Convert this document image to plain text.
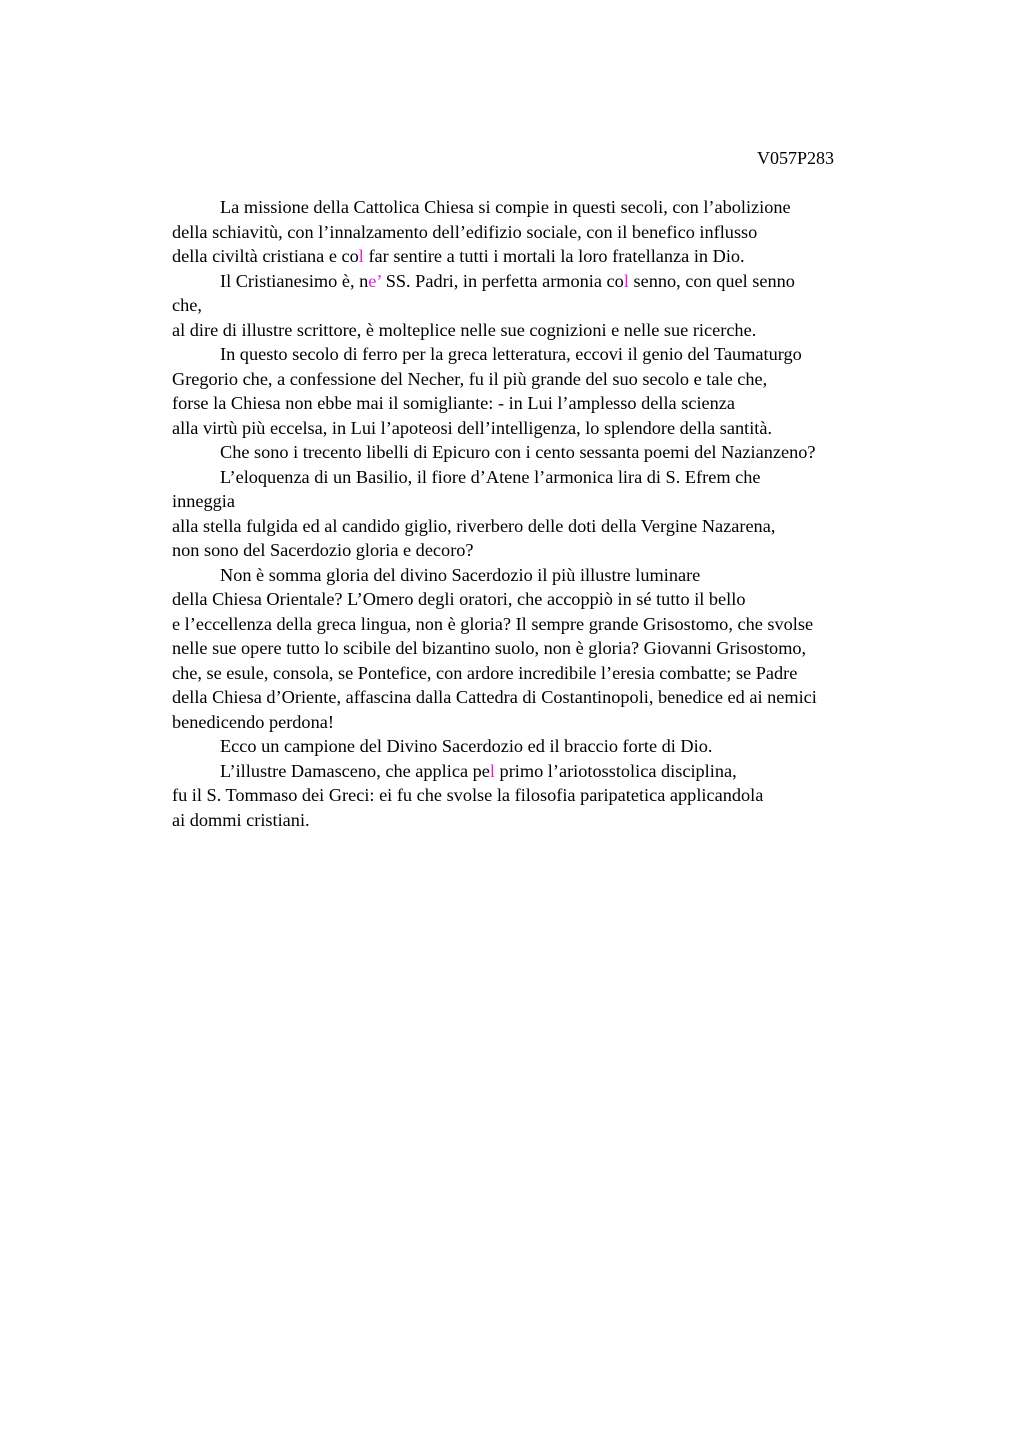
V057P283
La missione della Cattolica Chiesa si compie in questi secoli, con l’abolizione
della schiavitù, con l’innalzamento dell’edifizio sociale, con il benefico influsso
della civiltà cristiana e col far sentire a tutti i mortali la loro fratellanza in Dio.
Il Cristianesimo è, ne’ SS. Padri, in perfetta armonia col senno, con quel senno
che,
al dire di illustre scrittore, è molteplice nelle sue cognizioni e nelle sue ricerche.
In questo secolo di ferro per la greca letteratura, eccovi il genio del Taumaturgo
Gregorio che, a confessione del Necher, fu il più grande del suo secolo e tale che,
forse la Chiesa non ebbe mai il somigliante: - in Lui l’amplesso della scienza
alla virtù più eccelsa, in Lui l’apoteosi dell’intelligenza, lo splendore della santità.
Che sono i trecento libelli di Epicuro con i cento sessanta poemi del Nazianzeno?
L’eloquenza di un Basilio, il fiore d’Atene l’armonica lira di S. Efrem che
inneggia
alla stella fulgida ed al candido giglio, riverbero delle doti della Vergine Nazarena,
non sono del Sacerdozio gloria e decoro?
Non è somma gloria del divino Sacerdozio il più illustre luminare
della Chiesa Orientale? L’Omero degli oratori, che accoppiò in sé tutto il bello
e l’eccellenza della greca lingua, non è gloria? Il sempre grande Grisostomo, che svolse
nelle sue opere tutto lo scibile del bizantino suolo, non è gloria? Giovanni Grisostomo,
che, se esule, consola, se Pontefice, con ardore incredibile l’eresia combatte; se Padre
della Chiesa d’Oriente, affascina dalla Cattedra di Costantinopoli, benedice ed ai nemici
benedicendo perdona!
Ecco un campione del Divino Sacerdozio ed il braccio forte di Dio.
L’illustre Damasceno, che applica pel primo l’ariotosstolica disciplina,
fu il S. Tommaso dei Greci: ei fu che svolse la filosofia paripatetica applicandola
ai dommi cristiani.
